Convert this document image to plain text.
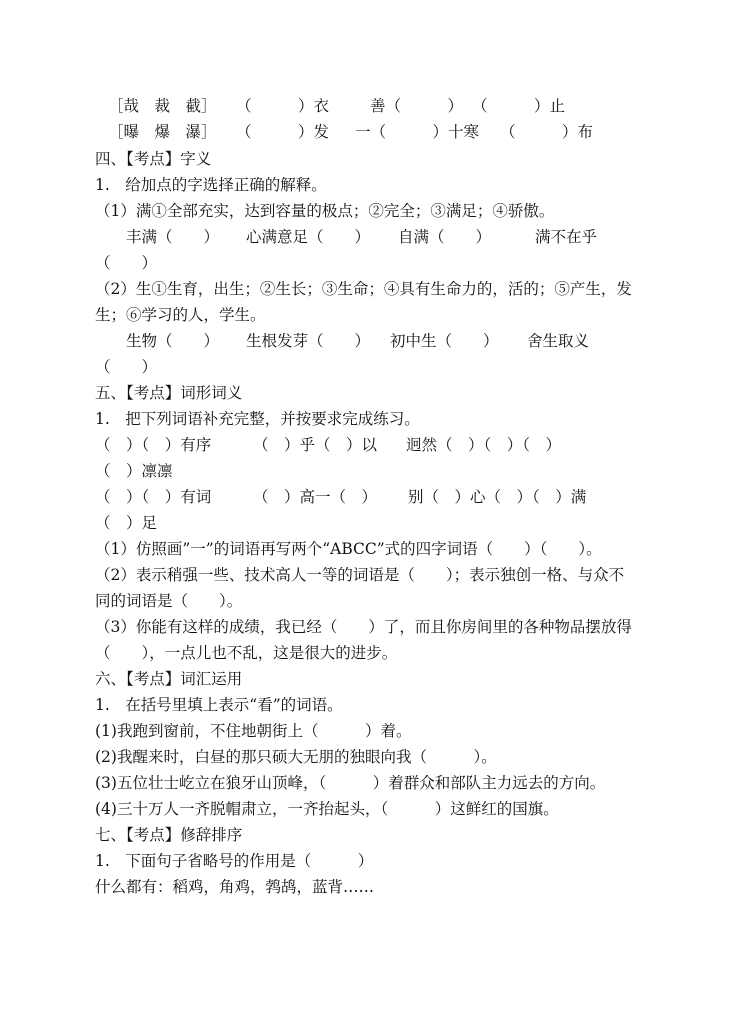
［哉　裁　截］ （　　　）衣	善（　　　） （　　　）止
［曝　爆　瀑］ （　　　）发 一（　　　）十寒 （　　　）布
四、【考点】字义
1.　给加点的字选择正确的解释。
（1）满①全部充实，达到容量的极点；②完全；③满足；④骄傲。
丰满（　　） 心满意足（　　） 自满（　　）	满不在乎
（　　）
（2）生①生育，出生；②生长；③生命；④具有生命力的，活的；⑤产生，发
生；⑥学习的人，学生。
生物（　　） 生根发芽（　　） 初中生（　　） 舍生取义
（　　）
五、【考点】词形词义
1.　把下列词语补充完整，并按要求完成练习。
（　）（　）有序	（　）乎（　）以 迥然（　）（　）（　）
（　）凛凛
（　）（　）有词	（　）高一（　） 别（　）心（　）（　）满
（　）足
（1）仿照画”一”的词语再写两个“ABCC”式的四字词语（　　）（　　）。
（2）表示稍强一些、技术高人一等的词语是（　　）；表示独创一格、与众不
同的词语是（　　）。
（3）你能有这样的成绩，我已经（　　）了，而且你房间里的各种物品摆放得
（　　），一点儿也不乱，这是很大的进步。
六、【考点】词汇运用
1.　在括号里填上表示“看”的词语。
(1)我跑到窗前，不住地朝街上（　　　）着。
(2)我醒来时，白昼的那只硕大无朋的独眼向我（　　　）。
(3)五位壮士屹立在狼牙山顶峰，（　　　）着群众和部队主力远去的方向。
(4)三十万人一齐脱帽肃立，一齐抬起头，（　　　）这鲜红的国旗。
七、【考点】修辞排序
1.　下面句子省略号的作用是（　　　）
什么都有：稻鸡，角鸡，鹁鸪，蓝背……
